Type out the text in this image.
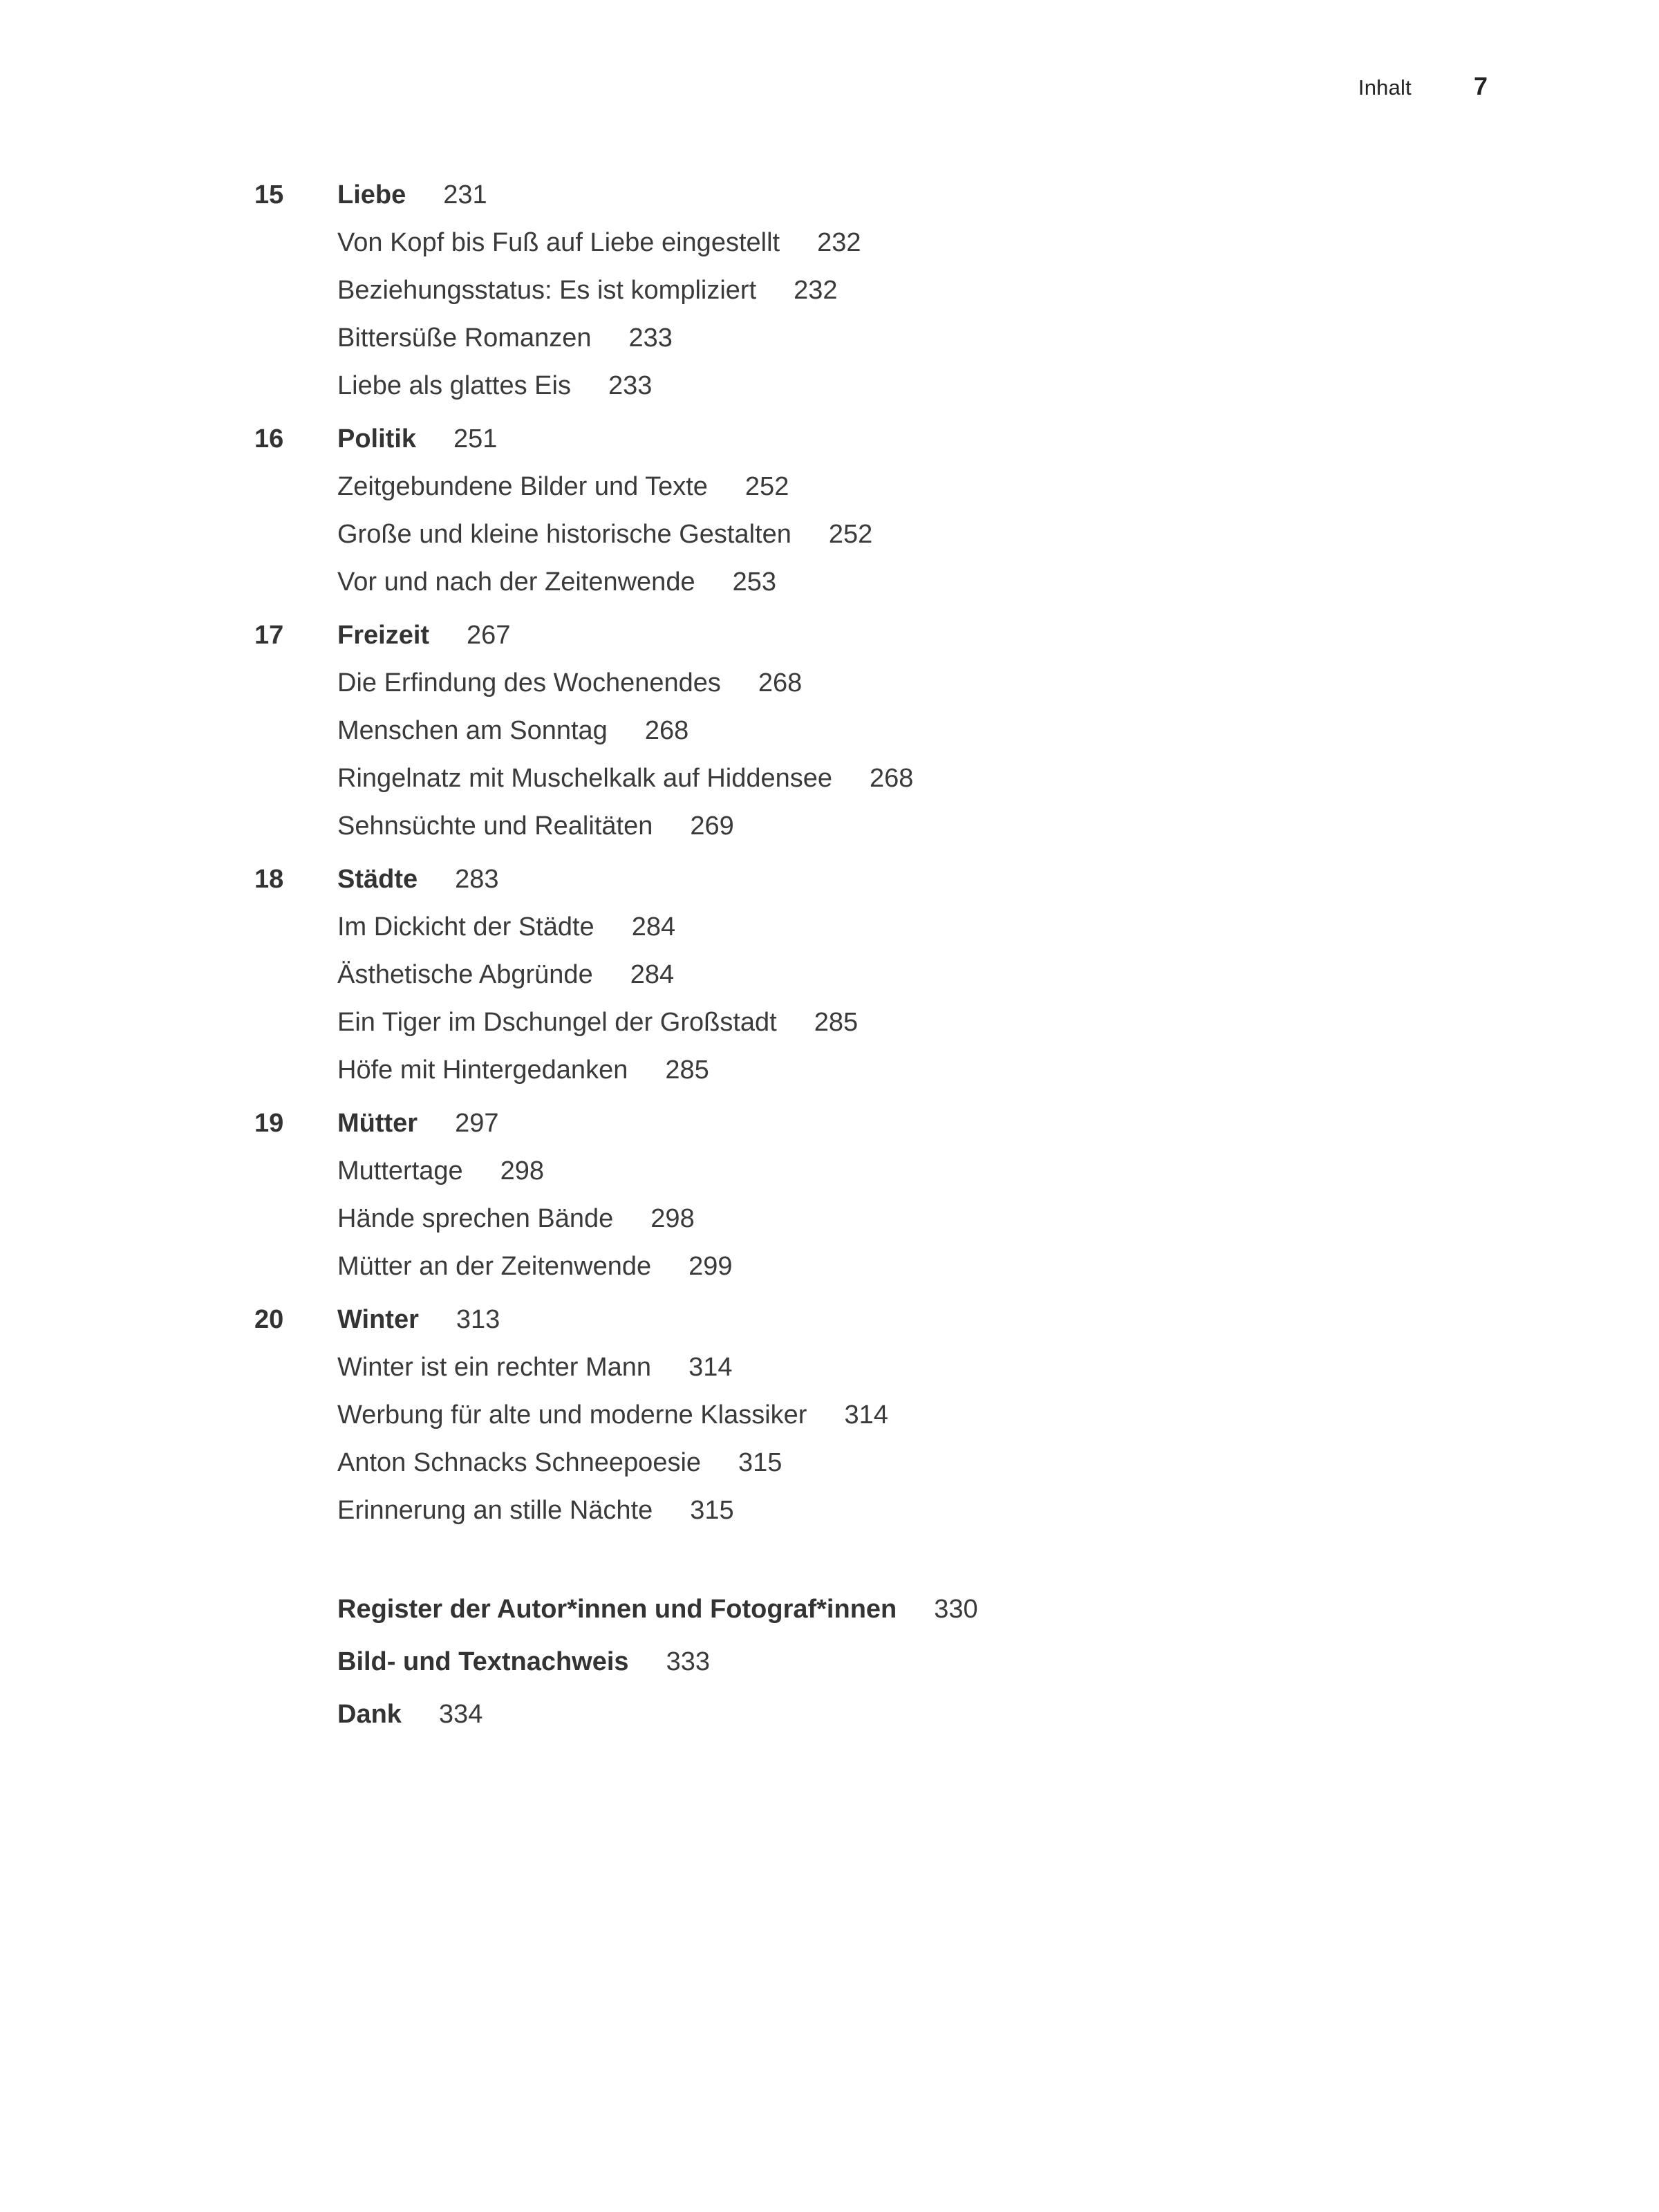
Inhalt	7
15	Liebe 231
Von Kopf bis Fuß auf Liebe eingestellt 232
Beziehungsstatus: Es ist kompliziert 232
Bittersüße Romanzen 233
Liebe als glattes Eis 233
16	Politik 251
Zeitgebundene Bilder und Texte 252
Große und kleine historische Gestalten 252
Vor und nach der Zeitenwende 253
17	Freizeit 267
Die Erfindung des Wochenendes 268
Menschen am Sonntag 268
Ringelnatz mit Muschelkalk auf Hiddensee 268
Sehnsüchte und Realitäten 269
18	Städte 283
Im Dickicht der Städte 284
Ästhetische Abgründe 284
Ein Tiger im Dschungel der Großstadt 285
Höfe mit Hintergedanken 285
19	Mütter 297
Muttertage 298
Hände sprechen Bände 298
Mütter an der Zeitenwende 299
20	Winter 313
Winter ist ein rechter Mann 314
Werbung für alte und moderne Klassiker 314
Anton Schnacks Schneepoesie 315
Erinnerung an stille Nächte 315
Register der Autor*innen und Fotograf*innen 330
Bild- und Textnachweis 333
Dank 334
